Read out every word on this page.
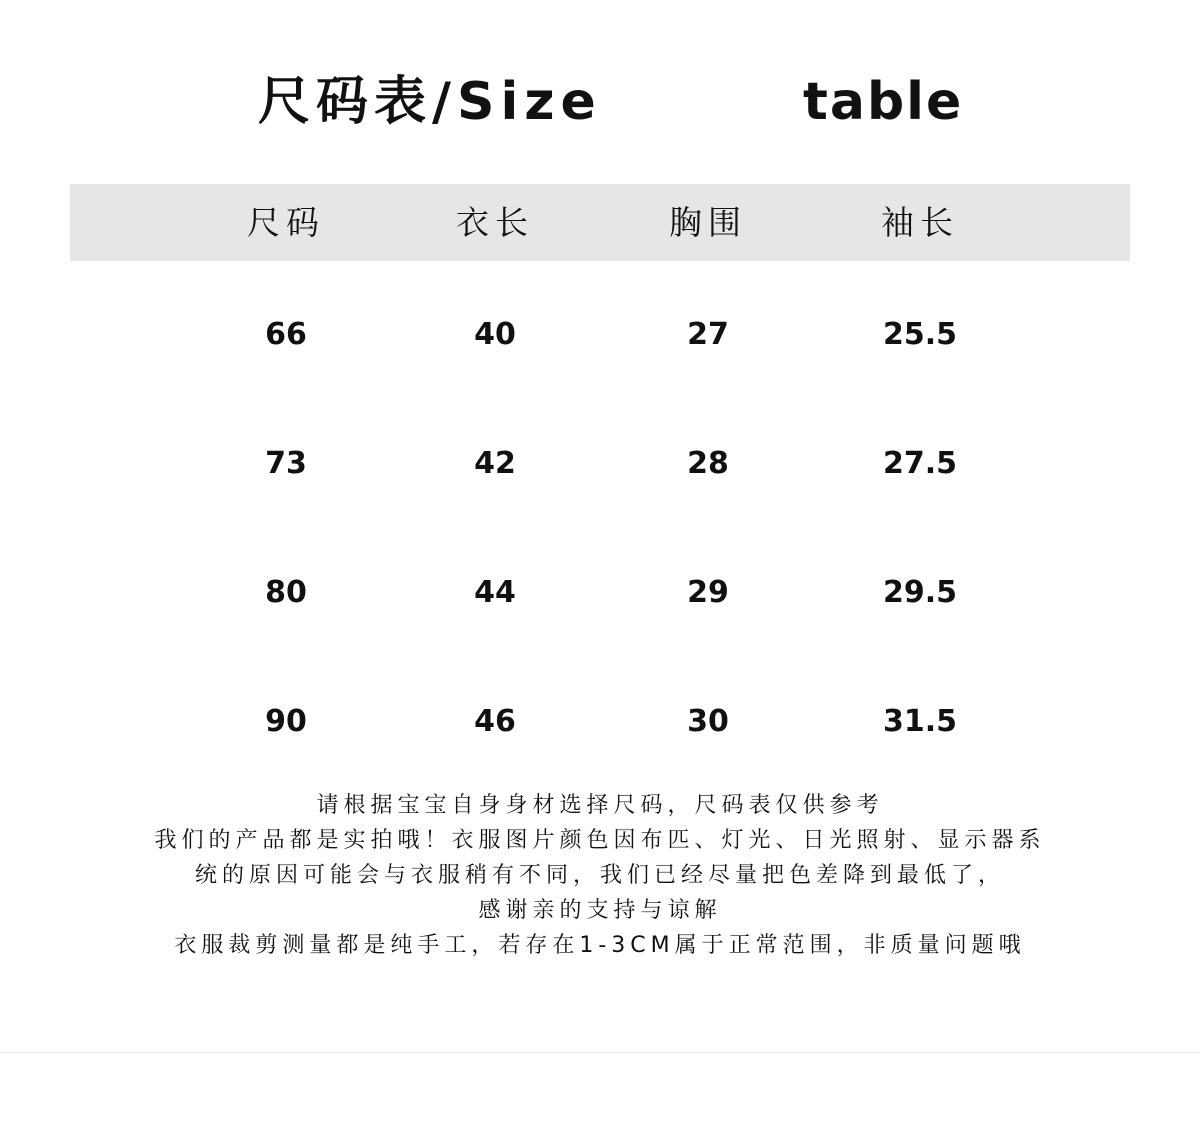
尺码表/Size	table
尺码	衣长	胸围	袖长
66	40	27	25.5
73	42	28	27.5
80	44	29	29.5
90	46	30	31.5
请根据宝宝自身身材选择尺码，尺码表仅供参考
我们的产品都是实拍哦！衣服图片颜色因布匹、灯光、日光照射、显示器系
统的原因可能会与衣服稍有不同，我们已经尽量把色差降到最低了，
感谢亲的支持与谅解
衣服裁剪测量都是纯手工，若存在1-3CM属于正常范围，非质量问题哦
